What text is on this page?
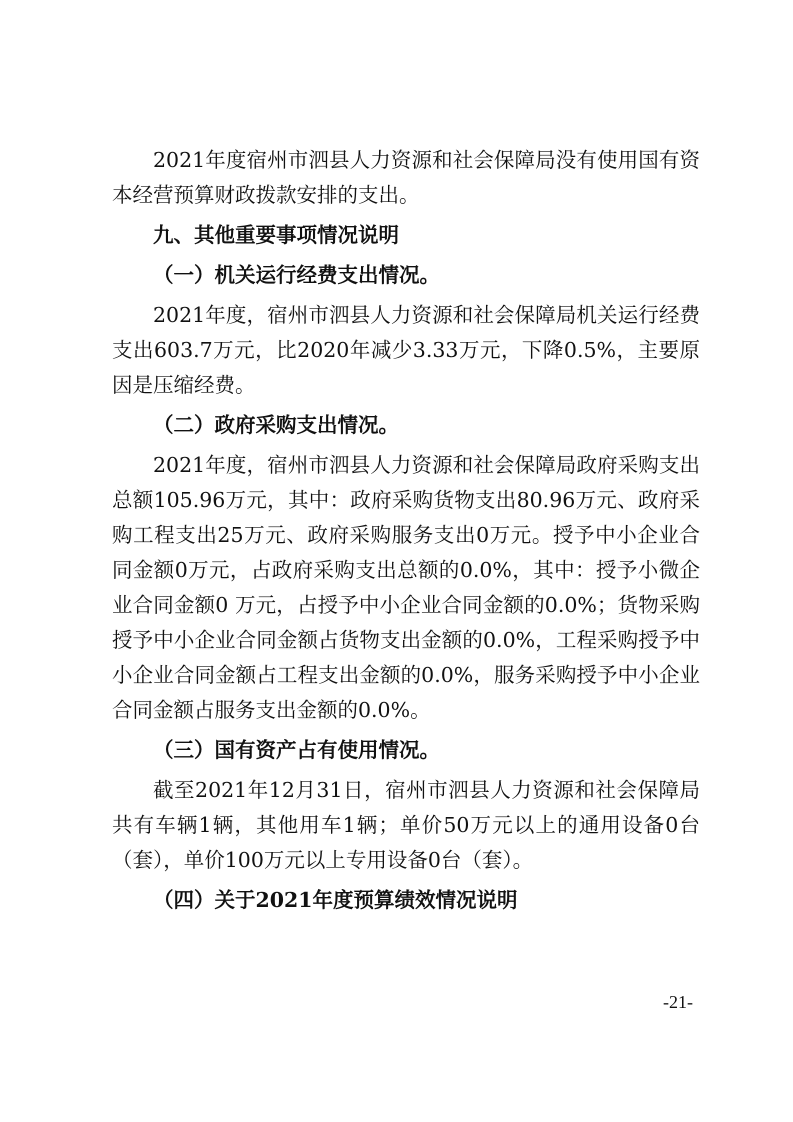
2021年度宿州市泗县人力资源和社会保障局没有使用国有资本经营预算财政拨款安排的支出。

九、其他重要事项情况说明

（一）机关运行经费支出情况。

2021年度，宿州市泗县人力资源和社会保障局机关运行经费支出603.7万元，比2020年减少3.33万元，下降0.5%，主要原因是压缩经费。

（二）政府采购支出情况。

2021年度，宿州市泗县人力资源和社会保障局政府采购支出总额105.96万元，其中：政府采购货物支出80.96万元、政府采购工程支出25万元、政府采购服务支出0万元。授予中小企业合同金额0万元，占政府采购支出总额的0.0%，其中：授予小微企业合同金额0 万元，占授予中小企业合同金额的0.0%；货物采购授予中小企业合同金额占货物支出金额的0.0%，工程采购授予中小企业合同金额占工程支出金额的0.0%，服务采购授予中小企业合同金额占服务支出金额的0.0%。

（三）国有资产占有使用情况。

截至2021年12月31日，宿州市泗县人力资源和社会保障局共有车辆1辆，其他用车1辆；单价50万元以上的通用设备0台（套），单价100万元以上专用设备0台（套）。

（四）关于2021年度预算绩效情况说明

-21-
